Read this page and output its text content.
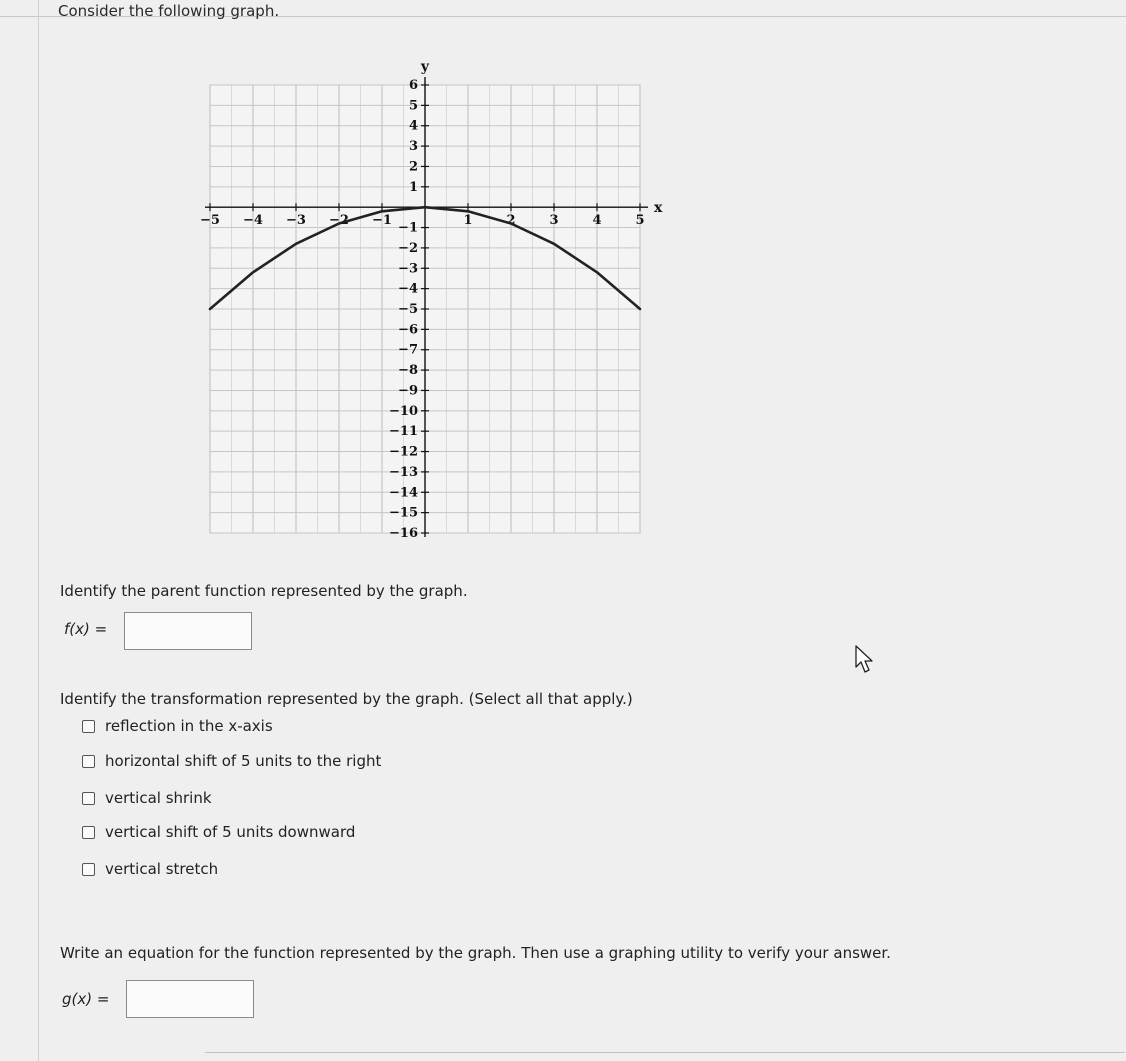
Consider the following graph.
−5 −4 −3 −2 −1	1	2	3	4	5
6
5
4
3
2
1
−1
−2
−3
−4
−5
−6
−7
−8
−9
−10
−11
−12
−13
−14
−15
−16
y
x
Identify the parent function represented by the graph.
f(x) =
Identify the transformation represented by the graph. (Select all that apply.)
reflection in the x-axis
horizontal shift of 5 units to the right
vertical shrink
vertical shift of 5 units downward
vertical stretch
Write an equation for the function represented by the graph. Then use a graphing utility to verify your answer.
g(x) =
